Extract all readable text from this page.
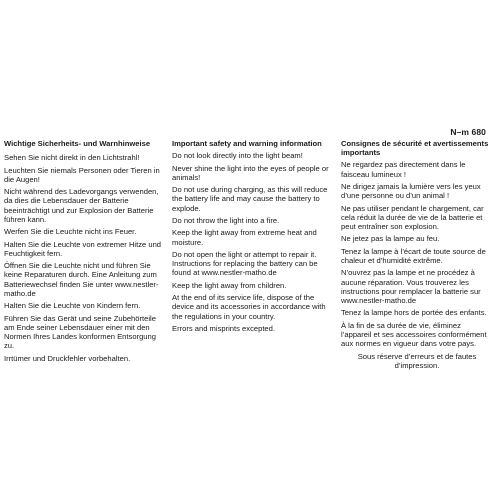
N–m 680
Wichtige Sicherheits- und Warnhinweise
Sehen Sie nicht direkt in den Lichtstrahl!
Leuchten Sie niemals Personen oder Tieren in die Augen!
Nicht während des Ladevorgangs verwenden, da dies die Lebensdauer der Batterie beeinträchtigt und zur Explosion der Batterie führen kann.
Werfen Sie die Leuchte nicht ins Feuer.
Halten Sie die Leuchte von extremer Hitze und Feuchtigkeit fern.
Öffnen Sie die Leuchte nicht und führen Sie keine Reparaturen durch. Eine Anleitung zum Batteriewechsel finden Sie unter www.nestler-matho.de
Halten Sie die Leuchte von Kindern fern.
Führen Sie das Gerät und seine Zubehörteile am Ende seiner Lebensdauer einer mit den Normen Ihres Landes konformen Entsorgung zu.
Irrtümer und Druckfehler vorbehalten.
Important safety and warning information
Do not look directly into the light beam!
Never shine the light into the eyes of people or animals!
Do not use during charging, as this will reduce the battery life and may cause the battery to explode.
Do not throw the light into a fire.
Keep the light away from extreme heat and moisture.
Do not open the light or attempt to repair it. Instructions for replacing the battery can be found at www.nestler-matho.de
Keep the light away from children.
At the end of its service life, dispose of the device and its accessories in accordance with the regulations in your country.
Errors and misprints excepted.
Consignes de sécurité et avertissements importants
Ne regardez pas directement dans le faisceau lumineux !
Ne dirigez jamais la lumière vers les yeux d’une personne ou d’un animal !
Ne pas utiliser pendant le chargement, car cela réduit la durée de vie de la batterie et peut entraîner son explosion.
Ne jetez pas la lampe au feu.
Tenez la lampe à l’écart de toute source de chaleur et d’humidité extrême.
N’ouvrez pas la lampe et ne procédez à aucune réparation. Vous trouverez les instructions pour remplacer la batterie sur www.nestler-matho.de
Tenez la lampe hors de portée des enfants.
À la fin de sa durée de vie, éliminez l’appareil et ses accessoires conformément aux normes en vigueur dans votre pays.
Sous réserve d’erreurs et de fautes d’impression.
